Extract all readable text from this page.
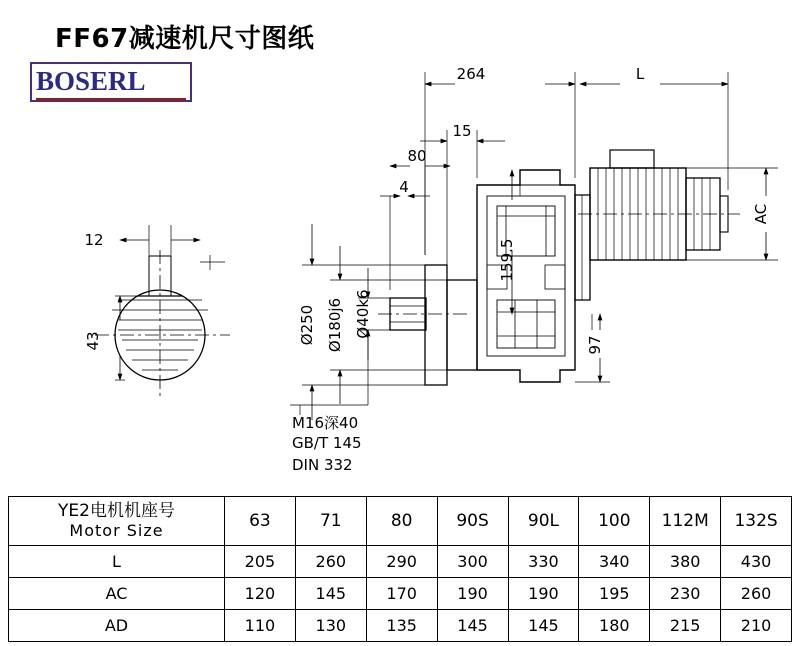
FF67减速机尺寸图纸
BOSERL	264	L
15
80
4
AC
Ø250 Ø180j6 Ø40k6
159.5
97
12
43
M16深40
GB/T 145
DIN 332
YE2电机机座号
Motor Size	63	71	80	90S	90L	100	112M	132S
L	205	260	290	300	330	340	380	430
AC	120	145	170	190	190	195	230	260
AD	110	130	135	145	145	180	215	210
